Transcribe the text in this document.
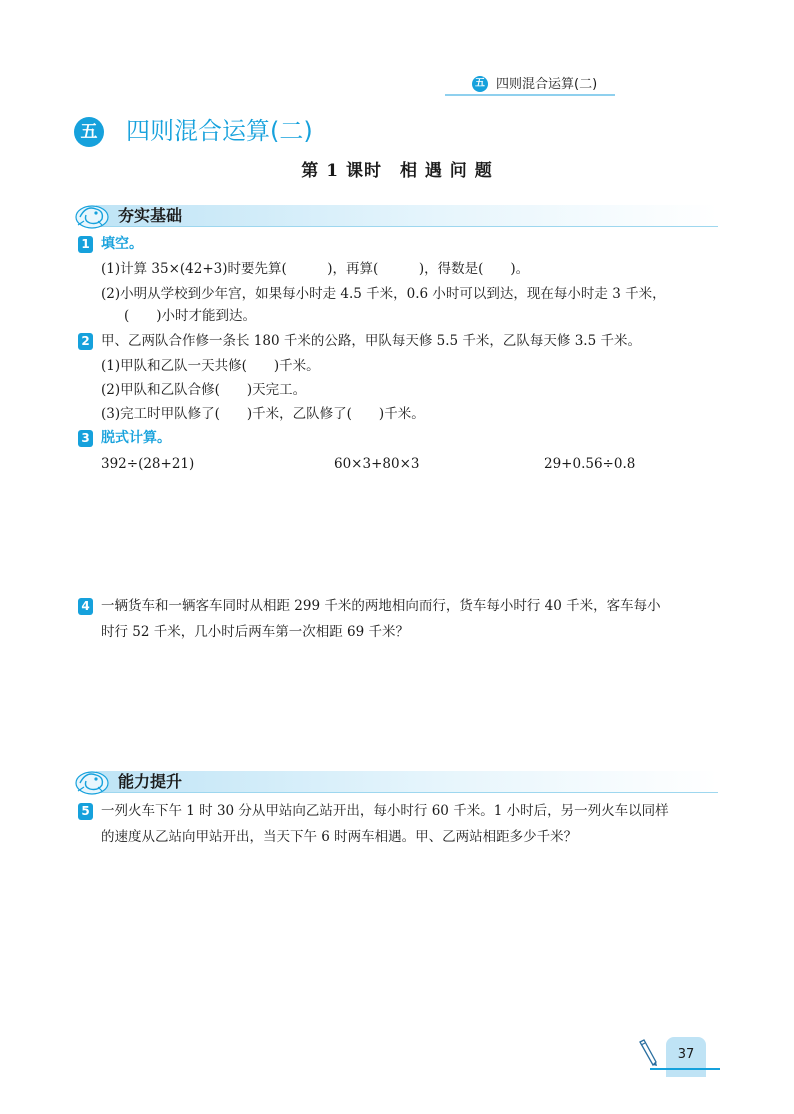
五 四则混合运算(二)
五 四则混合运算(二)
第 1 课时　相 遇 问 题
夯实基础
1 填空。
(1)计算 35×(42+3)时要先算(　　　)，再算(　　　)，得数是(　　)。
(2)小明从学校到少年宫，如果每小时走 4.5 千米，0.6 小时可以到达，现在每小时走 3 千米，
(　　)小时才能到达。
2 甲、乙两队合作修一条长 180 千米的公路，甲队每天修 5.5 千米，乙队每天修 3.5 千米。
(1)甲队和乙队一天共修(　　)千米。
(2)甲队和乙队合修(　　)天完工。
(3)完工时甲队修了(　　)千米，乙队修了(　　)千米。
3 脱式计算。
392÷(28+21)	60×3+80×3	29+0.56÷0.8
4 一辆货车和一辆客车同时从相距 299 千米的两地相向而行，货车每小时行 40 千米，客车每小
时行 52 千米，几小时后两车第一次相距 69 千米？
能力提升
5 一列火车下午 1 时 30 分从甲站向乙站开出，每小时行 60 千米。1 小时后，另一列火车以同样
的速度从乙站向甲站开出，当天下午 6 时两车相遇。甲、乙两站相距多少千米？
37
